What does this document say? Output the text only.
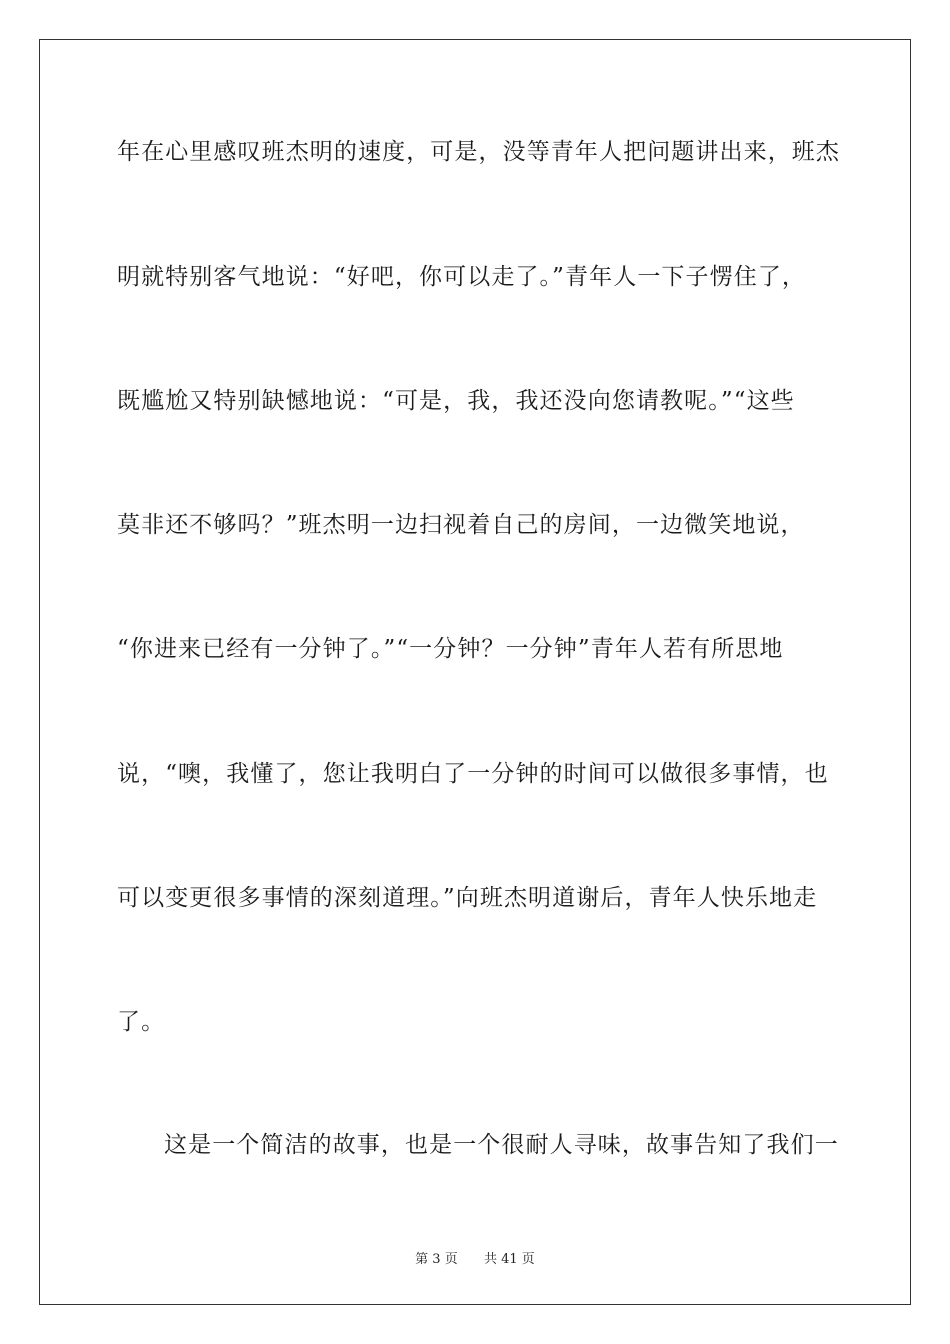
年在心里感叹班杰明的速度，可是，没等青年人把问题讲出来，班杰

明就特别客气地说：“好吧，你可以走了。”青年人一下子愣住了，

既尴尬又特别缺憾地说：“可是，我，我还没向您请教呢。”“这些

莫非还不够吗？”班杰明一边扫视着自己的房间，一边微笑地说，

“你进来已经有一分钟了。”“一分钟？一分钟”青年人若有所思地

说，“噢，我懂了，您让我明白了一分钟的时间可以做很多事情，也

可以变更很多事情的深刻道理。”向班杰明道谢后，青年人快乐地走

了。

这是一个简洁的故事，也是一个很耐人寻味，故事告知了我们一

第 3 页 共 41 页
